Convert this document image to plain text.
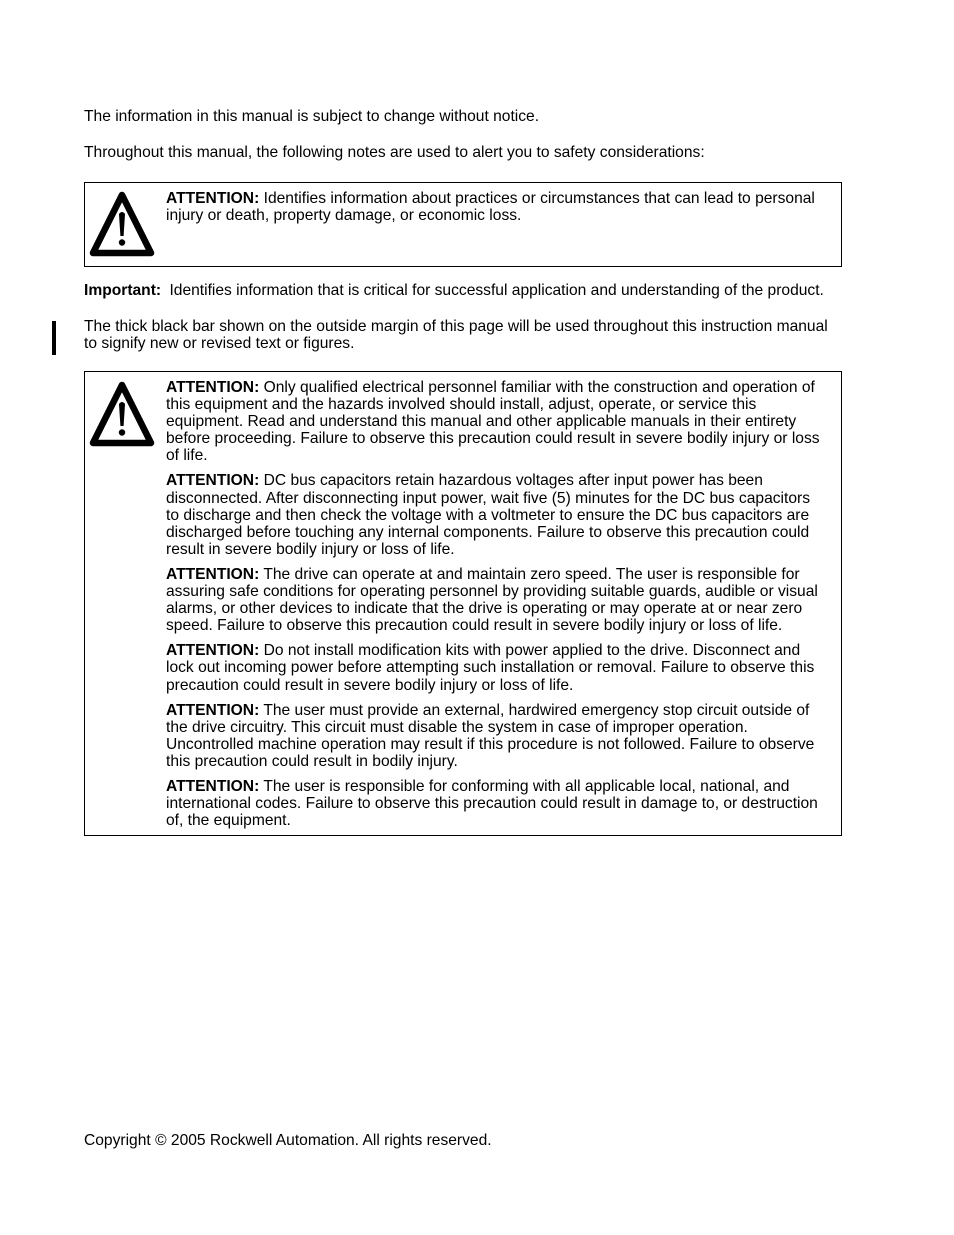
The information in this manual is subject to change without notice.

Throughout this manual, the following notes are used to alert you to safety considerations:

ATTENTION: Identifies information about practices or circumstances that can lead to personal injury or death, property damage, or economic loss.

Important: Identifies information that is critical for successful application and understanding of the product.

The thick black bar shown on the outside margin of this page will be used throughout this instruction manual to signify new or revised text or figures.

ATTENTION: Only qualified electrical personnel familiar with the construction and operation of this equipment and the hazards involved should install, adjust, operate, or service this equipment. Read and understand this manual and other applicable manuals in their entirety before proceeding. Failure to observe this precaution could result in severe bodily injury or loss of life.

ATTENTION: DC bus capacitors retain hazardous voltages after input power has been disconnected. After disconnecting input power, wait five (5) minutes for the DC bus capacitors to discharge and then check the voltage with a voltmeter to ensure the DC bus capacitors are discharged before touching any internal components. Failure to observe this precaution could result in severe bodily injury or loss of life.

ATTENTION: The drive can operate at and maintain zero speed. The user is responsible for assuring safe conditions for operating personnel by providing suitable guards, audible or visual alarms, or other devices to indicate that the drive is operating or may operate at or near zero speed. Failure to observe this precaution could result in severe bodily injury or loss of life.

ATTENTION: Do not install modification kits with power applied to the drive. Disconnect and lock out incoming power before attempting such installation or removal. Failure to observe this precaution could result in severe bodily injury or loss of life.

ATTENTION: The user must provide an external, hardwired emergency stop circuit outside of the drive circuitry. This circuit must disable the system in case of improper operation. Uncontrolled machine operation may result if this procedure is not followed. Failure to observe this precaution could result in bodily injury.

ATTENTION: The user is responsible for conforming with all applicable local, national, and international codes. Failure to observe this precaution could result in damage to, or destruction of, the equipment.

Copyright © 2005 Rockwell Automation. All rights reserved.
